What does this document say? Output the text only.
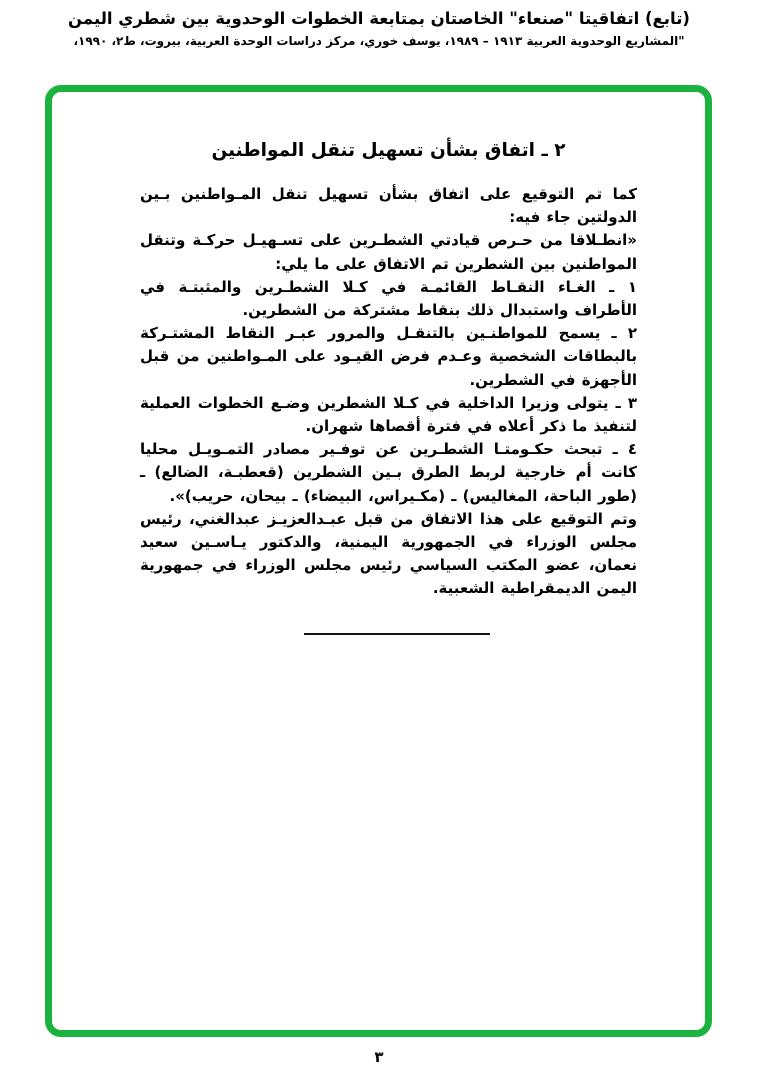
(تابع) اتفاقيتا "صنعاء" الخاصتان بمتابعة الخطوات الوحدوية بين شطري اليمن
"المشاريع الوحدوية العربية ١٩١٣ – ١٩٨٩، يوسف خوري، مركز دراسات الوحدة العربية، بيروت، ط٢، ١٩٩٠،
٢ ـ اتفاق بشأن تسهيل تنقل المواطنين

كما تم التوقيع على اتفاق بشأن تسهيل تنقل المـواطنين بـين الدولتين جاء فيه:

«انطـلاقا من حـرص قيادتي الشطـرين على تسـهيـل حركـة وتنقل المواطنين بين الشطرين تم الاتفاق على ما يلي:

١ ـ الغـاء النقـاط القائمـة في كـلا الشطـرين والمثبتـة في الأطراف واستبدال ذلك بنقاط مشتركة من الشطرين.

٢ ـ يسمح للمواطنـين بالتنقـل والمرور عبـر النقاط المشتـركة بالبطاقات الشخصية وعـدم فرض القيـود على المـواطنين من قبل الأجهزة في الشطرين.

٣ ـ يتولى وزيرا الداخلية في كـلا الشطرين وضـع الخطوات العملية لتنفيذ ما ذكر أعلاه في فترة أقصاها شهران.

٤ ـ تبحث حكـومتـا الشطـرين عن توفـير مصادر التمـويـل محليا كانت أم خارجية لربط الطرق بـين الشطرين (قعطبـة، الضالع) ـ (طور الباحة، المغاليس) ـ (مكـيراس، البيضاء) ـ بيحان، حريب)».

وتم التوقيع على هذا الاتفاق من قبل عبـدالعزيـز عبدالغني، رئيس مجلس الوزراء في الجمهورية اليمنية، والدكتور يـاسـين سعيد نعمان، عضو المكتب السياسي رئيس مجلس الوزراء في جمهورية اليمن الديمقراطية الشعبية.

٣
